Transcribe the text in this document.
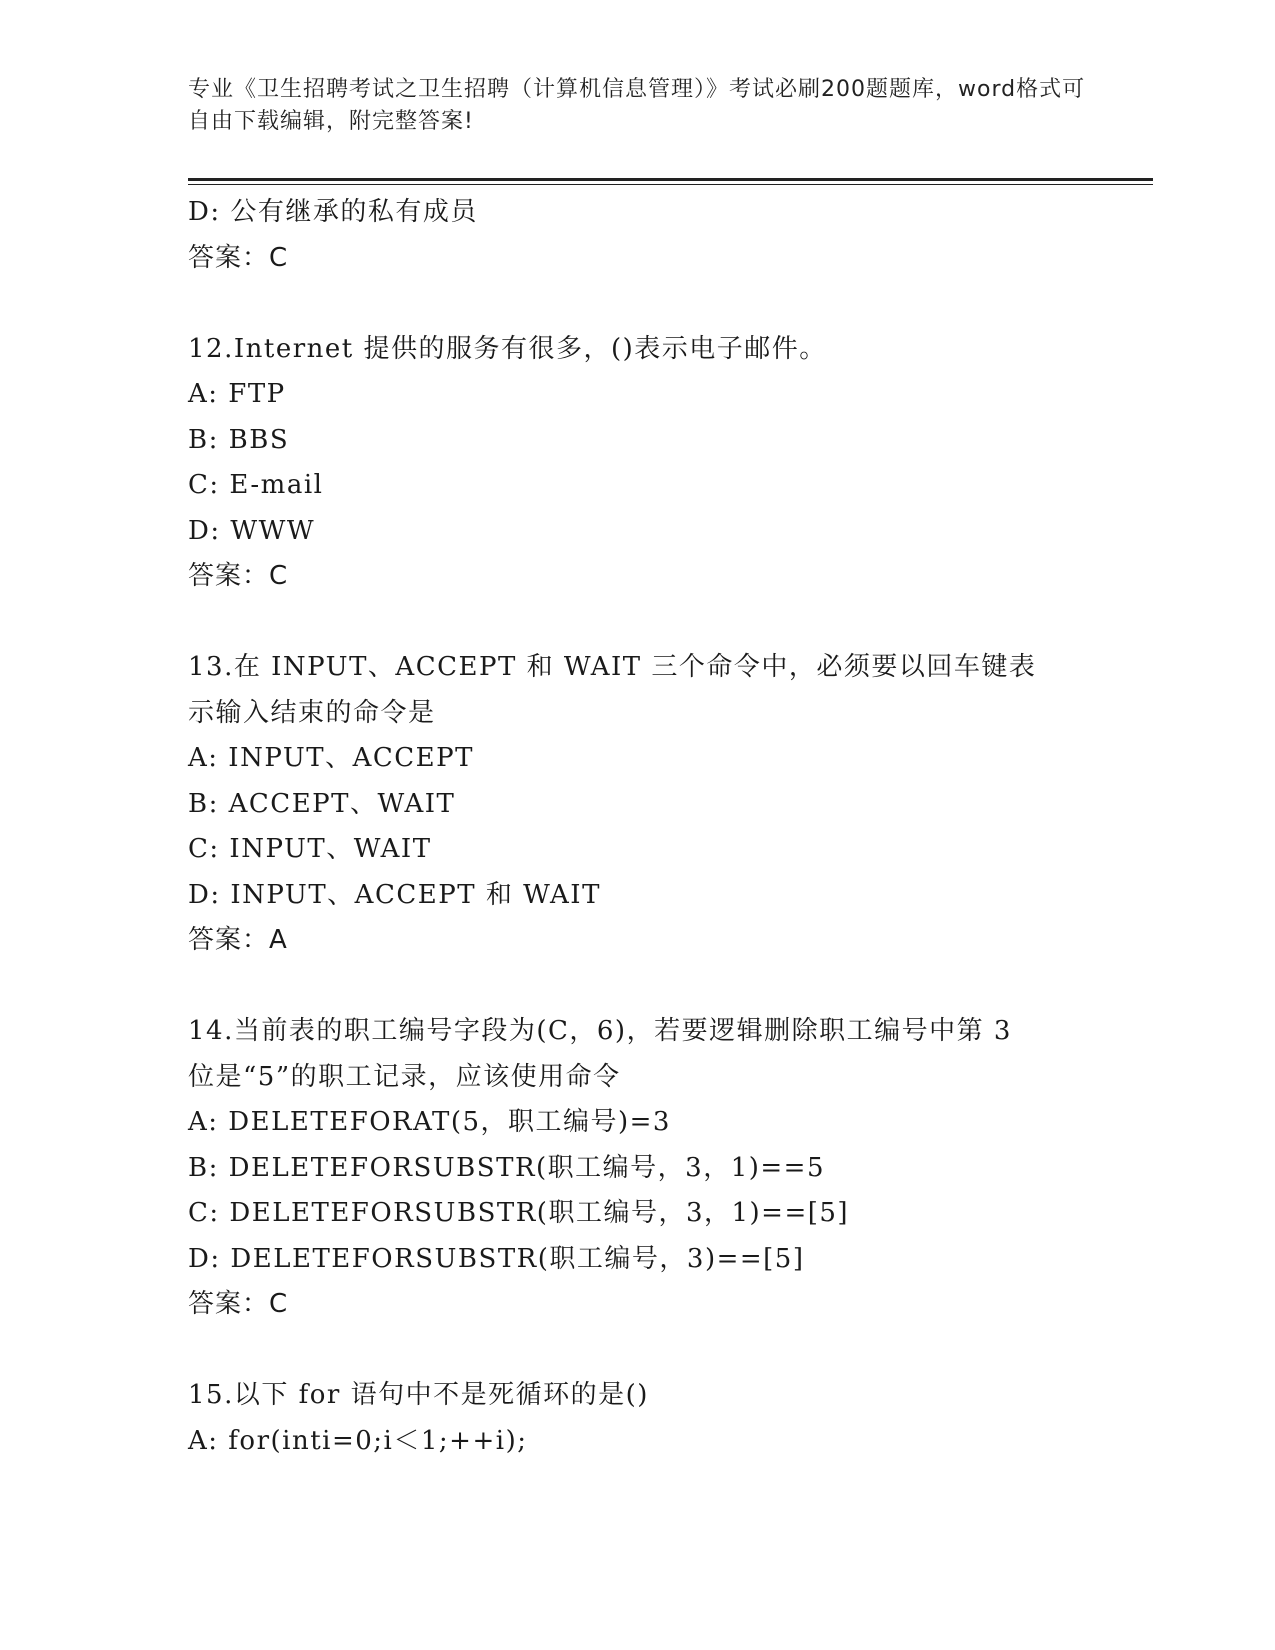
专业《卫生招聘考试之卫生招聘（计算机信息管理）》考试必刷200题题库，word格式可自由下载编辑，附完整答案!
D: 公有继承的私有成员
答案：C
12.Internet 提供的服务有很多，()表示电子邮件。
A: FTP
B: BBS
C: E-mail
D: WWW
答案：C
13.在 INPUT、ACCEPT 和 WAIT 三个命令中，必须要以回车键表示输入结束的命令是
A: INPUT、ACCEPT
B: ACCEPT、WAIT
C: INPUT、WAIT
D: INPUT、ACCEPT 和 WAIT
答案：A
14.当前表的职工编号字段为(C，6)，若要逻辑删除职工编号中第 3 位是“5”的职工记录，应该使用命令
A: DELETEFORAT(5，职工编号)=3
B: DELETEFORSUBSTR(职工编号，3，1)==5
C: DELETEFORSUBSTR(职工编号，3，1)==[5]
D: DELETEFORSUBSTR(职工编号，3)==[5]
答案：C
15.以下 for 语句中不是死循环的是()
A: for(inti=0;i＜1;++i);
